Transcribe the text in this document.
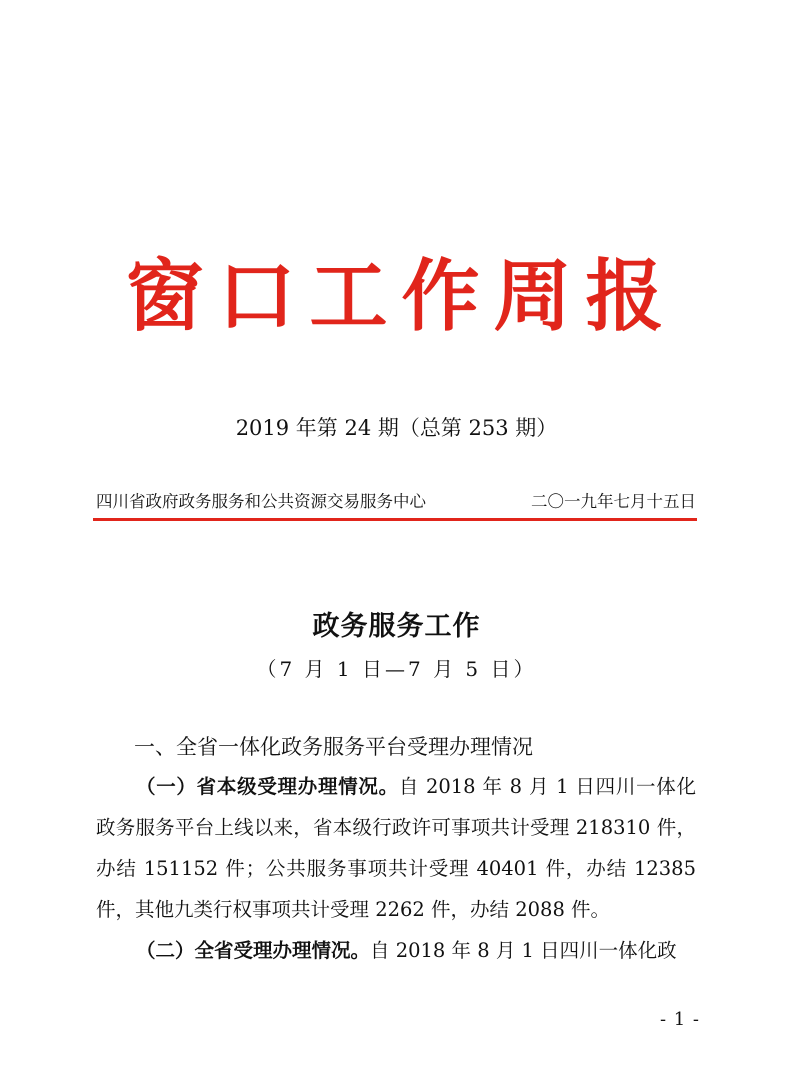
窗口工作周报
2019 年第 24 期（总第 253 期）
四川省政府政务服务和公共资源交易服务中心	二〇一九年七月十五日
政务服务工作
（7 月 1 日—7 月 5 日）
一、全省一体化政务服务平台受理办理情况

（一）省本级受理办理情况。自 2018 年 8 月 1 日四川一体化政务服务平台上线以来，省本级行政许可事项共计受理 218310 件，办结 151152 件；公共服务事项共计受理 40401 件，办结 12385 件，其他九类行权事项共计受理 2262 件，办结 2088 件。

（二）全省受理办理情况。自 2018 年 8 月 1 日四川一体化政

- 1 -
